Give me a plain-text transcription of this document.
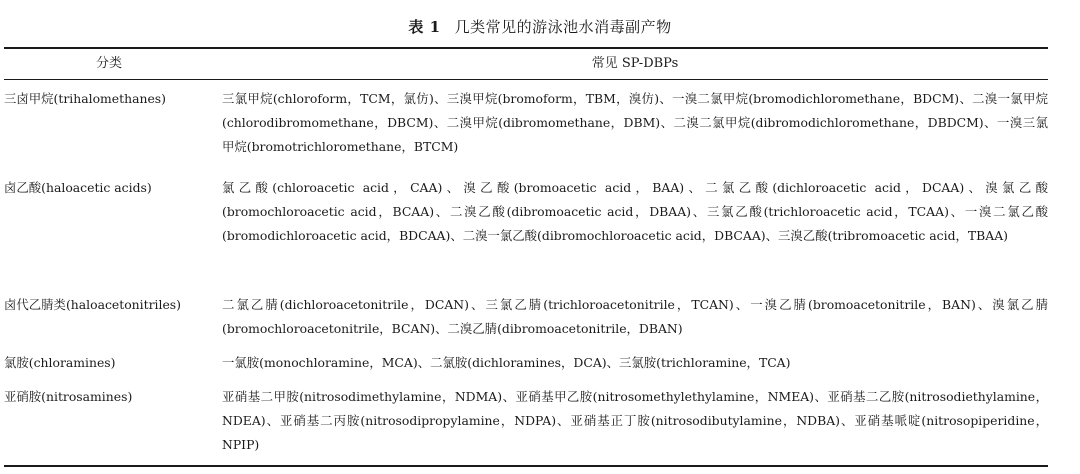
表 1 几类常见的游泳池水消毒副产物
分类	常见 SP-DBPs
三卤甲烷(trihalomethanes)	三氯甲烷(chloroform，TCM，氯仿)、三溴甲烷(bromoform，TBM，溴仿)、一溴二氯甲烷(bromodichloromethane，BDCM)、二溴一氯甲烷(chlorodibromomethane，DBCM)、二溴甲烷(dibromomethane，DBM)、二溴二氯甲烷(dibromodichloromethane，DBDCM)、一溴三氯甲烷(bromotrichloromethane，BTCM)
卤乙酸(haloacetic acids)	氯乙酸(chloroacetic acid，CAA)、溴乙酸(bromoacetic acid，BAA)、二氯乙酸(dichloroacetic acid，DCAA)、溴氯乙酸(bromochloroacetic acid，BCAA)、二溴乙酸(dibromoacetic acid，DBAA)、三氯乙酸(trichloroacetic acid，TCAA)、一溴二氯乙酸(bromodichloroacetic acid，BDCAA)、二溴一氯乙酸(dibromochloroacetic acid，DBCAA)、三溴乙酸(tribromoacetic acid，TBAA)
卤代乙腈类(haloacetonitriles)	二氯乙腈(dichloroacetonitrile，DCAN)、三氯乙腈(trichloroacetonitrile，TCAN)、一溴乙腈(bromoacetonitrile，BAN)、溴氯乙腈(bromochloroacetonitrile，BCAN)、二溴乙腈(dibromoacetonitrile，DBAN)
氯胺(chloramines)	一氯胺(monochloramine，MCA)、二氯胺(dichloramines，DCA)、三氯胺(trichloramine，TCA)
亚硝胺(nitrosamines)	亚硝基二甲胺(nitrosodimethylamine，NDMA)、亚硝基甲乙胺(nitrosomethylethylamine，NMEA)、亚硝基二乙胺(nitrosodiethylamine，NDEA)、亚硝基二丙胺(nitrosodipropylamine，NDPA)、亚硝基正丁胺(nitrosodibutylamine，NDBA)、亚硝基哌啶(nitrosopiperidine，NPIP)
